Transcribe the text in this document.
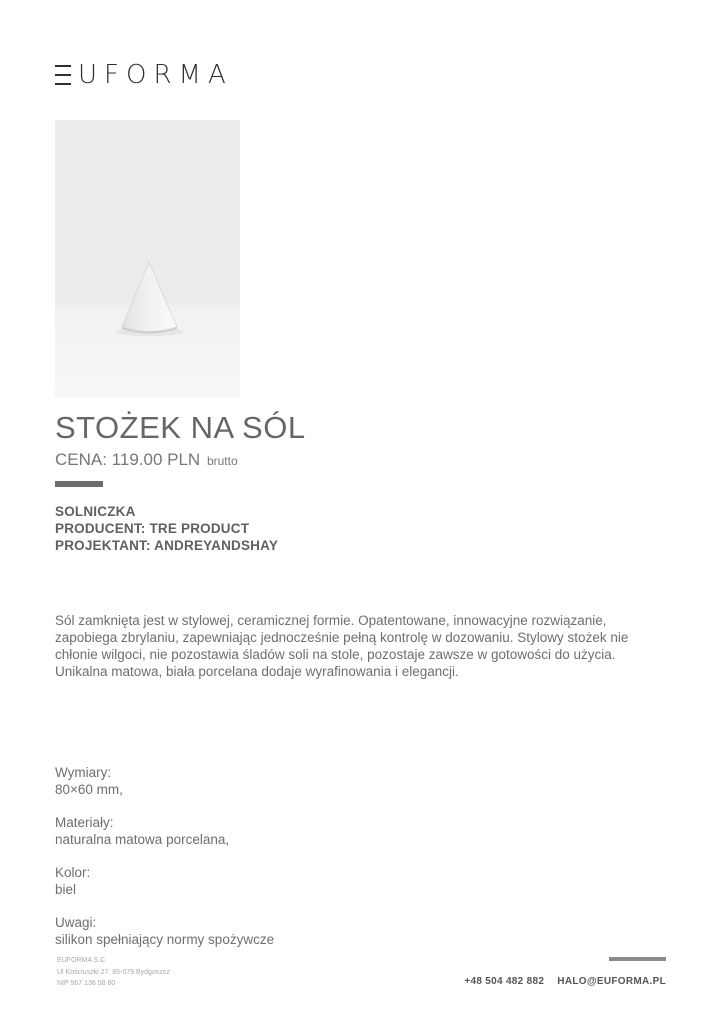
UFORMA
STOŻEK NA SÓL
CENA: 119.00 PLN brutto
SOLNICZKA
PRODUCENT: TRE PRODUCT
PROJEKTANT: ANDREYANDSHAY
Sól zamknięta jest w stylowej, ceramicznej formie. Opatentowane, innowacyjne rozwiązanie, zapobiega zbrylaniu, zapewniając jednocześnie pełną kontrolę w dozowaniu. Stylowy stożek nie chłonie wilgoci, nie pozostawia śladów soli na stole, pozostaje zawsze w gotowości do użycia. Unikalna matowa, biała porcelana dodaje wyrafinowania i elegancji.
Wymiary:
80×60 mm,
Materiały:
naturalna matowa porcelana,
Kolor:
biel
Uwagi:
silikon spełniający normy spożywcze
EUFORMA S.C
Ul Kościuszki 27, 85-079 Bydgoszcz
NIP 967 136 58 80	+48 504 482 882 HALO@EUFORMA.PL
